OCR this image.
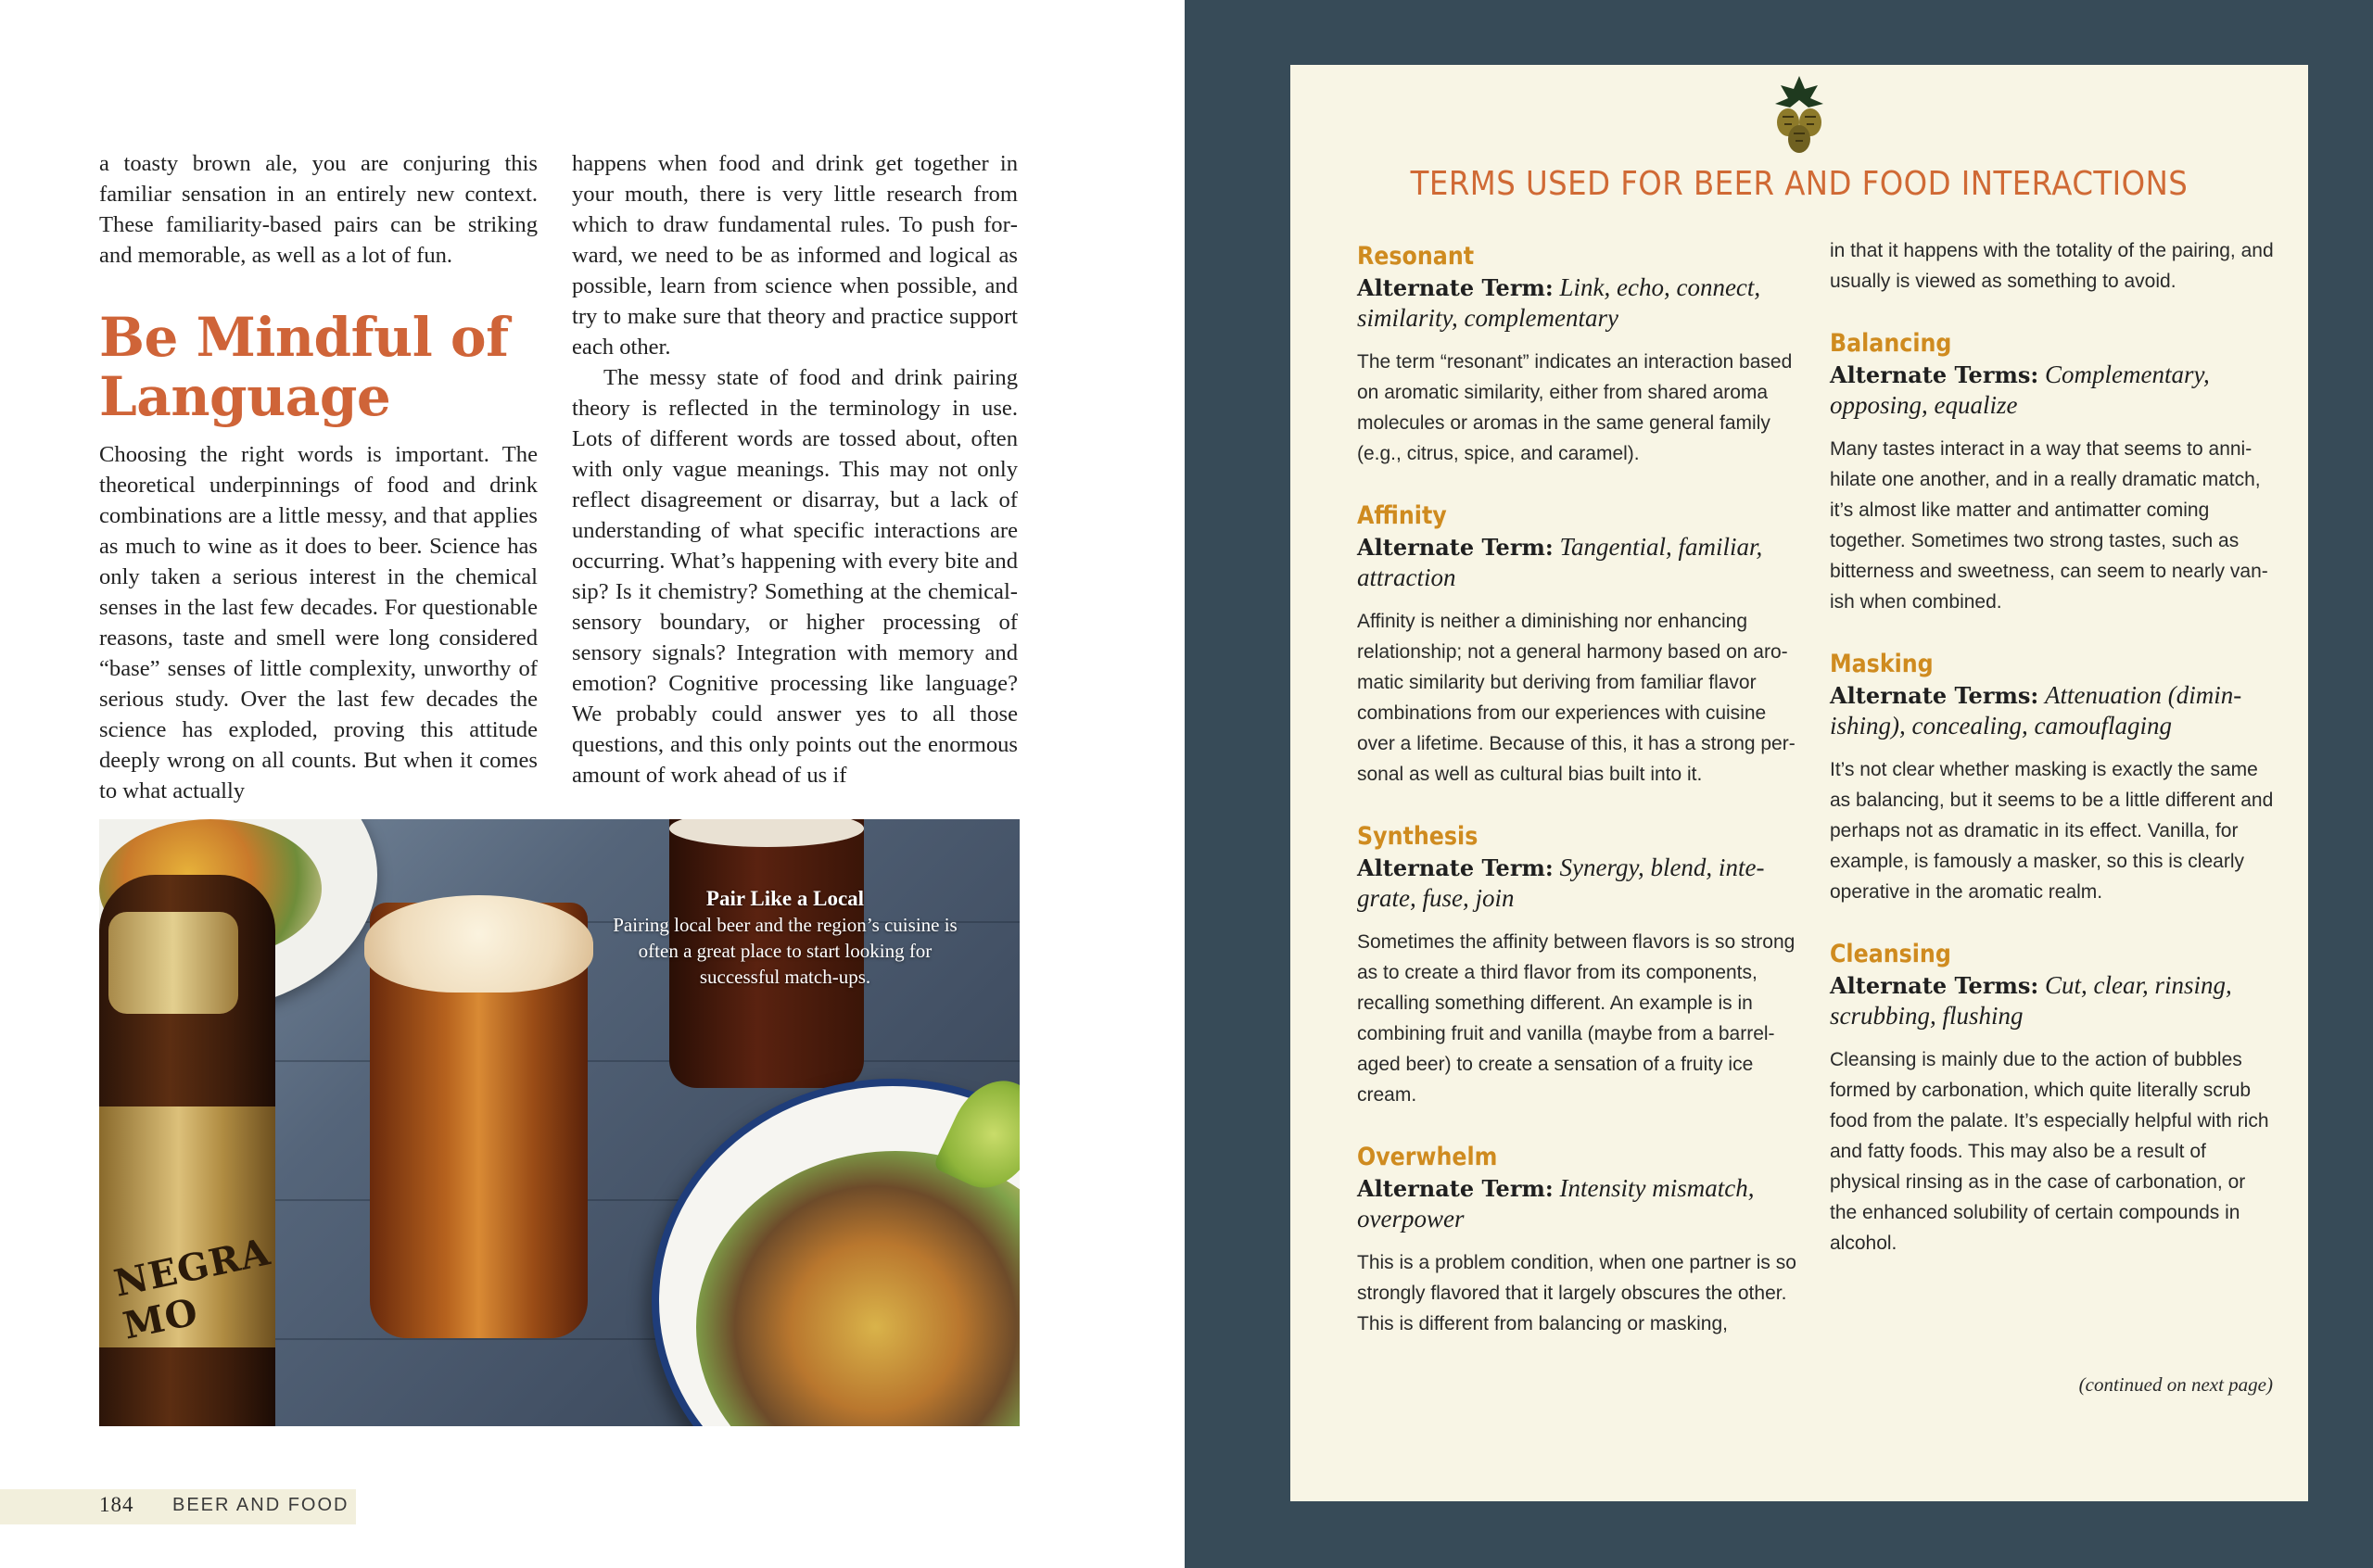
a toasty brown ale, you are conjuring this familiar sensation in an entirely new context. These familiarity-based pairs can be striking and memorable, as well as a lot of fun.

Be Mindful of Language

Choosing the right words is important. The theoretical underpinnings of food and drink combinations are a little messy, and that applies as much to wine as it does to beer. Science has only taken a serious interest in the chemical senses in the last few decades. For questionable reasons, taste and smell were long considered “base” senses of little complexity, unworthy of serious study. Over the last few decades the science has exploded, proving this attitude deeply wrong on all counts. But when it comes to what actually

happens when food and drink get together in your mouth, there is very little research from which to draw fundamental rules. To push forward, we need to be as informed and logical as possible, learn from science when possible, and try to make sure that theory and practice support each other.

The messy state of food and drink pairing theory is reflected in the terminology in use. Lots of different words are tossed about, often with only vague meanings. This may not only reflect disagreement or disarray, but a lack of understanding of what specific interactions are occurring. What’s happening with every bite and sip? Is it chemistry? Something at the chemical-sensory boundary, or higher processing of sensory signals? Integration with memory and emotion? Cognitive processing like language? We probably could answer yes to all those questions, and this only points out the enormous amount of work ahead of us if

NEGRA MO
Pair Like a Local
Pairing local beer and the region’s cuisine is often a great place to start looking for successful match-ups.
184 BEER AND FOOD
TERMS USED FOR BEER AND FOOD INTERACTIONS
Resonant
Alternate Term: Link, echo, connect, similarity, complementary
The term “resonant” indicates an interaction based on aromatic similarity, either from shared aroma molecules or aromas in the same general family (e.g., citrus, spice, and caramel).
Affinity
Alternate Term: Tangential, familiar, attraction
Affinity is neither a diminishing nor enhancing relationship; not a general harmony based on aromatic similarity but deriving from familiar flavor combinations from our experiences with cuisine over a lifetime. Because of this, it has a strong personal as well as cultural bias built into it.
Synthesis
Alternate Term: Synergy, blend, integrate, fuse, join
Sometimes the affinity between flavors is so strong as to create a third flavor from its components, recalling something different. An example is in combining fruit and vanilla (maybe from a barrel-aged beer) to create a sensation of a fruity ice cream.
Overwhelm
Alternate Term: Intensity mismatch, overpower
This is a problem condition, when one partner is so strongly flavored that it largely obscures the other. This is different from balancing or masking,
in that it happens with the totality of the pairing, and usually is viewed as something to avoid.
Balancing
Alternate Terms: Complementary, opposing, equalize
Many tastes interact in a way that seems to annihilate one another, and in a really dramatic match, it’s almost like matter and antimatter coming together. Sometimes two strong tastes, such as bitterness and sweetness, can seem to nearly vanish when combined.
Masking
Alternate Terms: Attenuation (diminishing), concealing, camouflaging
It’s not clear whether masking is exactly the same as balancing, but it seems to be a little different and perhaps not as dramatic in its effect. Vanilla, for example, is famously a masker, so this is clearly operative in the aromatic realm.
Cleansing
Alternate Terms: Cut, clear, rinsing, scrubbing, flushing
Cleansing is mainly due to the action of bubbles formed by carbonation, which quite literally scrub food from the palate. It’s especially helpful with rich and fatty foods. This may also be a result of physical rinsing as in the case of carbonation, or the enhanced solubility of certain compounds in alcohol.
(continued on next page)
